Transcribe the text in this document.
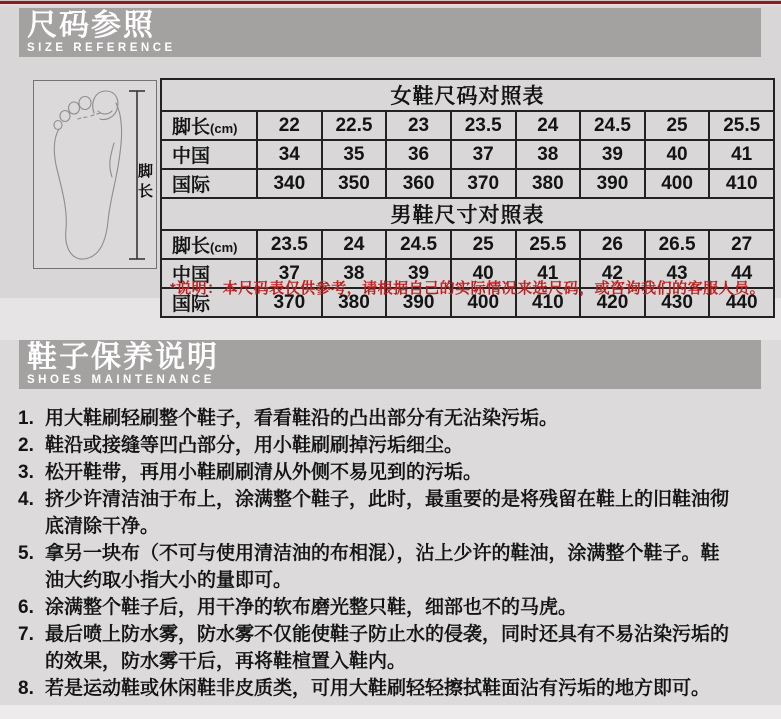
尺码参照
SIZE REFERENCE
脚长
女鞋尺码对照表								
脚长(cm)	22	22.5	23	23.5	24	24.5	25	25.5
中国	34	35	36	37	38	39	40	41
国际	340	350	360	370	380	390	400	410
男鞋尺寸对照表								
脚长(cm)	23.5	24	24.5	25	25.5	26	26.5	27
中国	37	38	39	40	41	42	43	44
国际	370	380	390	400	410	420	430	440
*说明：本尺码表仅供参考，请根据自己的实际情况来选尺码，或咨询我们的客服人员。
鞋子保养说明
SHOES MAINTENANCE
1. 用大鞋刷轻刷整个鞋子，看看鞋沿的凸出部分有无沾染污垢。
2. 鞋沿或接缝等凹凸部分，用小鞋刷刷掉污垢细尘。
3. 松开鞋带，再用小鞋刷刷清从外侧不易见到的污垢。
4. 挤少许清洁油于布上，涂满整个鞋子，此时，最重要的是将残留在鞋上的旧鞋油彻底清除干净。
5. 拿另一块布（不可与使用清洁油的布相混），沾上少许的鞋油，涂满整个鞋子。鞋油大约取小指大小的量即可。
6. 涂满整个鞋子后，用干净的软布磨光整只鞋，细部也不的马虎。
7. 最后喷上防水雾，防水雾不仅能使鞋子防止水的侵袭，同时还具有不易沾染污垢的的效果，防水雾干后，再将鞋楦置入鞋内。
8. 若是运动鞋或休闲鞋非皮质类，可用大鞋刷轻轻擦拭鞋面沾有污垢的地方即可。
